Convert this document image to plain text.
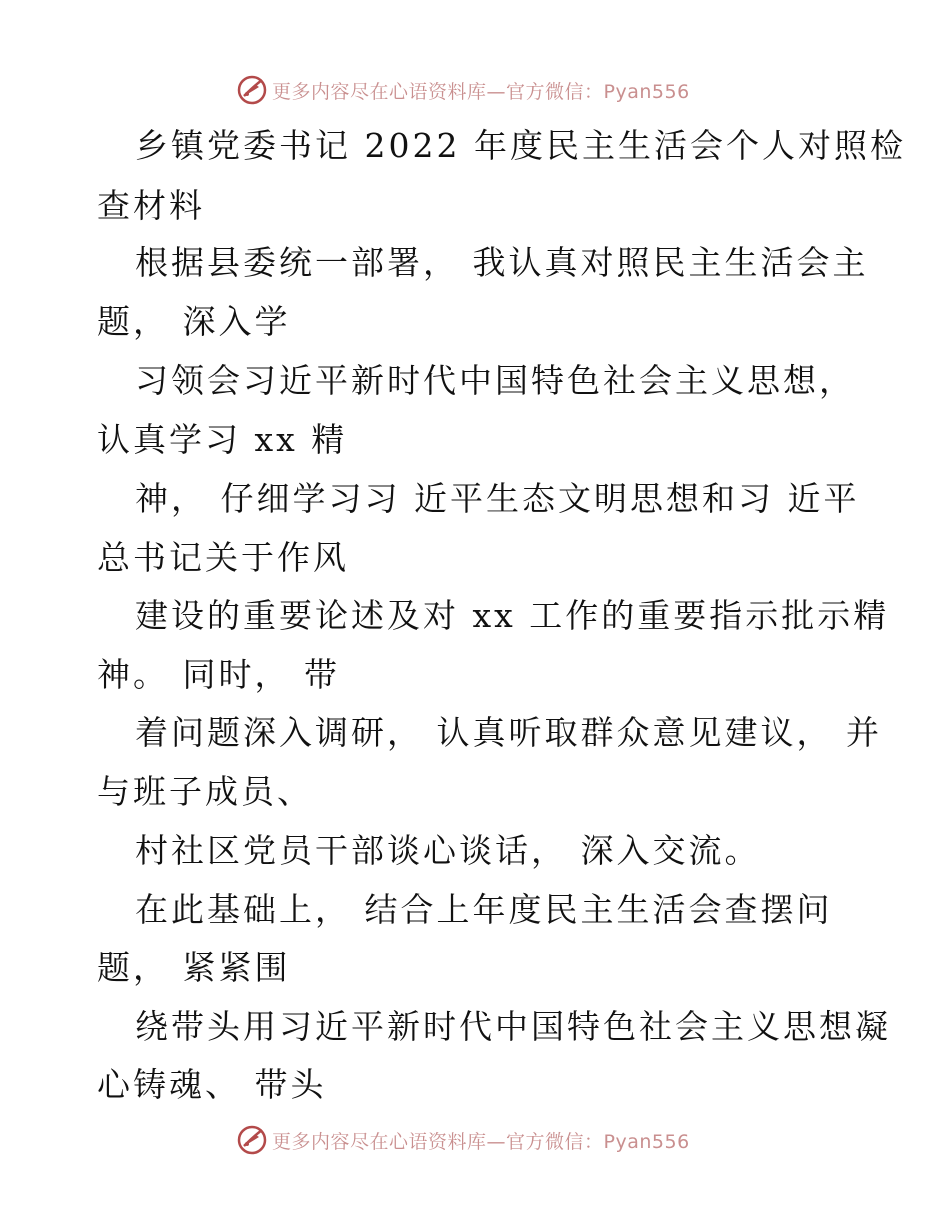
更多内容尽在心语资料库—官方微信：Pyan556
乡镇党委书记 2022 年度民主生活会个人对照检
查材料
根据县委统一部署， 我认真对照民主生活会主
题， 深入学
习领会习近平新时代中国特色社会主义思想，
认真学习 xx 精
神， 仔细学习习 近平生态文明思想和习 近平
总书记关于作风
建设的重要论述及对 xx 工作的重要指示批示精
神。 同时， 带
着问题深入调研， 认真听取群众意见建议， 并
与班子成员、
村社区党员干部谈心谈话， 深入交流。
在此基础上， 结合上年度民主生活会查摆问
题， 紧紧围
绕带头用习近平新时代中国特色社会主义思想凝
心铸魂、 带头
更多内容尽在心语资料库—官方微信：Pyan556
